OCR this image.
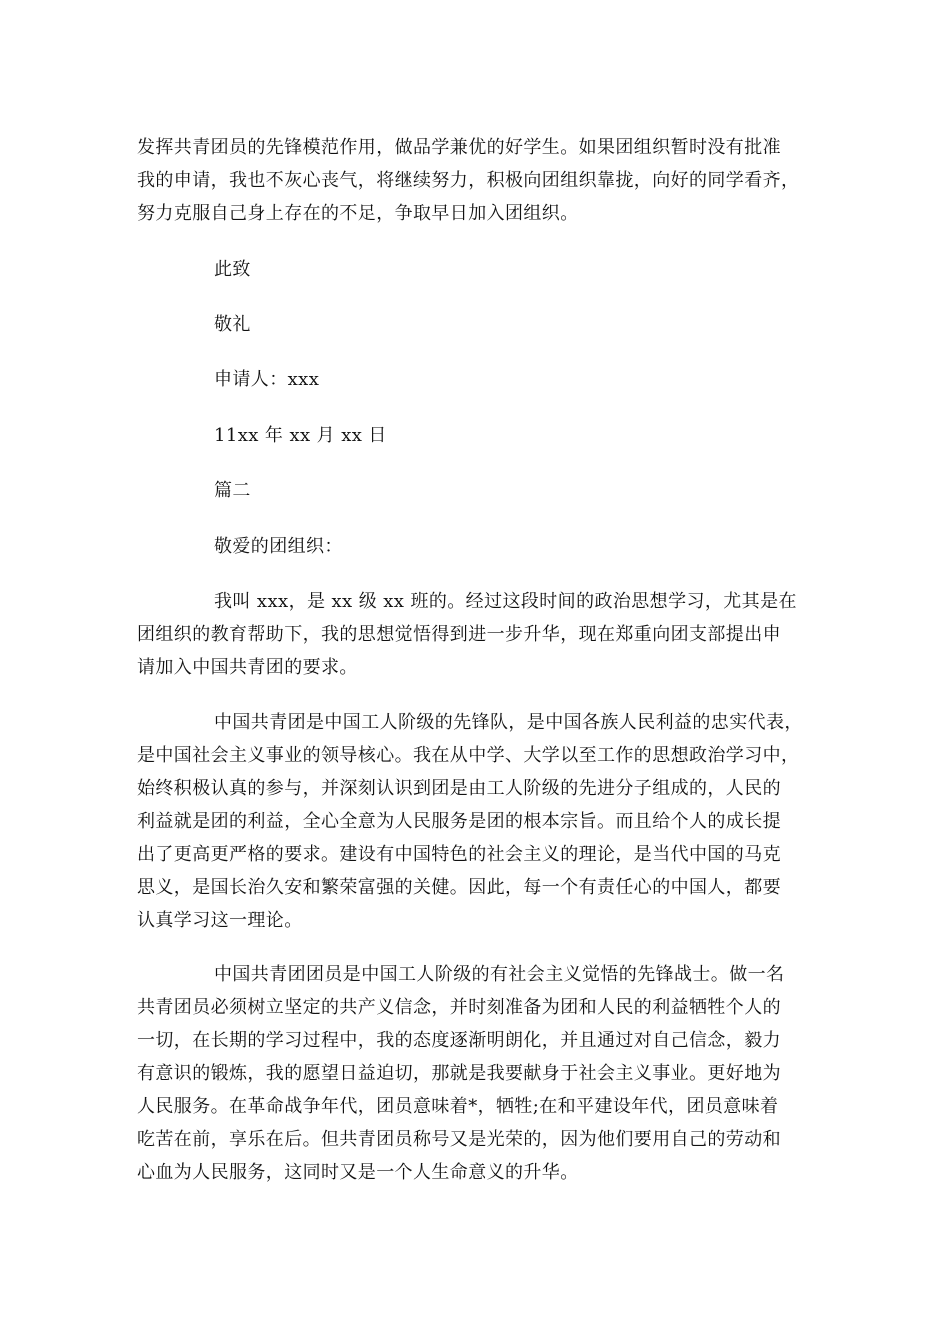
发挥共青团员的先锋模范作用，做品学兼优的好学生。如果团组织暂时没有批准
我的申请，我也不灰心丧气，将继续努力，积极向团组织靠拢，向好的同学看齐，
努力克服自己身上存在的不足，争取早日加入团组织。
此致
敬礼
申请人：xxx
11xx 年 xx 月 xx 日
篇二
敬爱的团组织：
我叫 xxx，是 xx 级 xx 班的。经过这段时间的政治思想学习，尤其是在
团组织的教育帮助下，我的思想觉悟得到进一步升华，现在郑重向团支部提出申
请加入中国共青团的要求。
中国共青团是中国工人阶级的先锋队，是中国各族人民利益的忠实代表，
是中国社会主义事业的领导核心。我在从中学、大学以至工作的思想政治学习中，
始终积极认真的参与，并深刻认识到团是由工人阶级的先进分子组成的，人民的
利益就是团的利益，全心全意为人民服务是团的根本宗旨。而且给个人的成长提
出了更高更严格的要求。建设有中国特色的社会主义的理论，是当代中国的马克
思义，是国长治久安和繁荣富强的关健。因此，每一个有责任心的中国人，都要
认真学习这一理论。
中国共青团团员是中国工人阶级的有社会主义觉悟的先锋战士。做一名
共青团员必须树立坚定的共产义信念，并时刻准备为团和人民的利益牺牲个人的
一切，在长期的学习过程中，我的态度逐渐明朗化，并且通过对自己信念，毅力
有意识的锻炼，我的愿望日益迫切，那就是我要献身于社会主义事业。更好地为
人民服务。在革命战争年代，团员意味着*，牺牲;在和平建设年代，团员意味着
吃苦在前，享乐在后。但共青团员称号又是光荣的，因为他们要用自己的劳动和
心血为人民服务，这同时又是一个人生命意义的升华。
